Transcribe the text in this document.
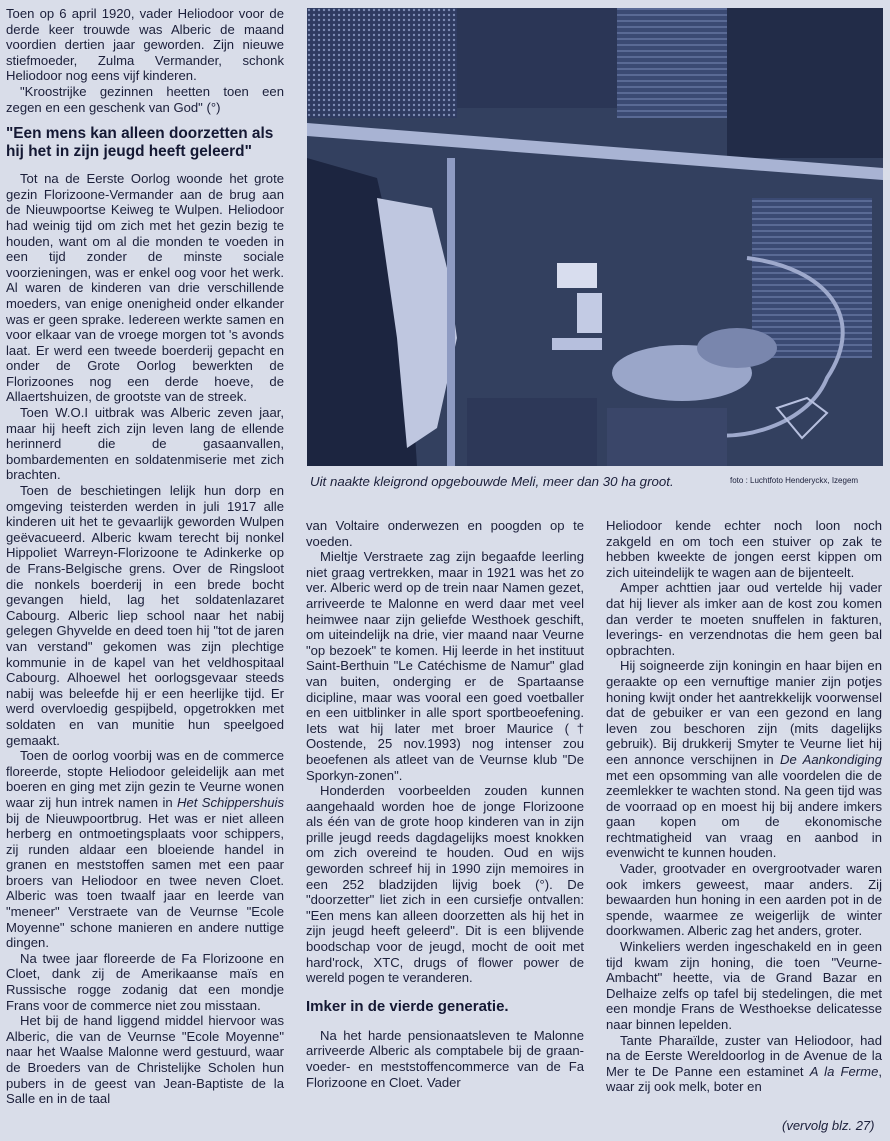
Toen op 6 april 1920, vader Heliodoor voor de derde keer trouwde was Alberic de maand voordien dertien jaar geworden. Zijn nieuwe stiefmoeder, Zulma Vermander, schonk Heliodoor nog eens vijf kinderen.

"Kroostrijke gezinnen heetten toen een zegen en een geschenk van God" (°)

"Een mens kan alleen doorzetten als hij het in zijn jeugd heeft geleerd"

Tot na de Eerste Oorlog woonde het grote gezin Florizoone-Vermander aan de brug aan de Nieuwpoortse Keiweg te Wulpen. Heliodoor had weinig tijd om zich met het gezin bezig te houden, want om al die monden te voeden in een tijd zonder de minste sociale voorzieningen, was er enkel oog voor het werk. Al waren de kinderen van drie verschillende moeders, van enige onenigheid onder elkander was er geen sprake. Iedereen werkte samen en voor elkaar van de vroege morgen tot 's avonds laat. Er werd een tweede boerderij gepacht en onder de Grote Oorlog bewerkten de Florizoones nog een derde hoeve, de Allaertshuizen, de grootste van de streek.

Toen W.O.I uitbrak was Alberic zeven jaar, maar hij heeft zich zijn leven lang de ellende herinnerd die de gasaanvallen, bombardementen en soldatenmiserie met zich brachten.

Toen de beschietingen lelijk hun dorp en omgeving teisterden werden in juli 1917 alle kinderen uit het te gevaarlijk geworden Wulpen geëvacueerd. Alberic kwam terecht bij nonkel Hippoliet Warreyn-Florizoone te Adinkerke op de Frans-Belgische grens. Over de Ringsloot die nonkels boerderij in een brede bocht gevangen hield, lag het soldatenlazaret Cabourg. Alberic liep school naar het nabij gelegen Ghyvelde en deed toen hij "tot de jaren van verstand" gekomen was zijn plechtige kommunie in de kapel van het veldhospitaal Cabourg. Alhoewel het oorlogsgevaar steeds nabij was beleefde hij er een heerlijke tijd. Er werd overvloedig gespijbeld, opgetrokken met soldaten en van munitie hun speelgoed gemaakt.

Toen de oorlog voorbij was en de commerce floreerde, stopte Heliodoor geleidelijk aan met boeren en ging met zijn gezin te Veurne wonen waar zij hun intrek namen in Het Schippershuis bij de Nieuwpoortbrug. Het was er niet alleen herberg en ontmoetingsplaats voor schippers, zij runden aldaar een bloeiende handel in granen en meststoffen samen met een paar broers van Heliodoor en twee neven Cloet. Alberic was toen twaalf jaar en leerde van "meneer" Verstraete van de Veurnse "Ecole Moyenne" schone manieren en andere nuttige dingen.

Na twee jaar floreerde de Fa Florizoone en Cloet, dank zij de Amerikaanse maïs en Russische rogge zodanig dat een mondje Frans voor de commerce niet zou misstaan.

Het bij de hand liggend middel hiervoor was Alberic, die van de Veurnse "Ecole Moyenne" naar het Waalse Malonne werd gestuurd, waar de Broeders van de Christelijke Scholen hun pubers in de geest van Jean-Baptiste de la Salle en in de taal

Uit naakte kleigrond opgebouwde Meli, meer dan 30 ha groot.	foto : Luchtfoto Henderyckx, Izegem

van Voltaire onderwezen en poogden op te voeden.

Mieltje Verstraete zag zijn begaafde leerling niet graag vertrekken, maar in 1921 was het zo ver. Alberic werd op de trein naar Namen gezet, arriveerde te Malonne en werd daar met veel heimwee naar zijn geliefde Westhoek geschift, om uiteindelijk na drie, vier maand naar Veurne "op bezoek" te komen. Hij leerde in het instituut Saint-Berthuin "Le Catéchisme de Namur" glad van buiten, onderging er de Spartaanse dicipline, maar was vooral een goed voetballer en een uitblinker in alle sport sportbeoefening. Iets wat hij later met broer Maurice († Oostende, 25 nov.1993) nog intenser zou beoefenen als atleet van de Veurnse klub "De Sporkyn-zonen".

Honderden voorbeelden zouden kunnen aangehaald worden hoe de jonge Florizoone als één van de grote hoop kinderen van in zijn prille jeugd reeds dagdagelijks moest knokken om zich overeind te houden. Oud en wijs geworden schreef hij in 1990 zijn memoires in een 252 bladzijden lijvig boek (°). De "doorzetter" liet zich in een cursiefje ontvallen: "Een mens kan alleen doorzetten als hij het in zijn jeugd heeft geleerd". Dit is een blijvende boodschap voor de jeugd, mocht de ooit met hard'rock, XTC, drugs of flower power de wereld pogen te veranderen.

Imker in de vierde generatie.

Na het harde pensionaatsleven te Malonne arriveerde Alberic als comptabele bij de graan-voeder- en meststoffencommerce van de Fa Florizoone en Cloet. Vader

Heliodoor kende echter noch loon noch zakgeld en om toch een stuiver op zak te hebben kweekte de jongen eerst kippen om zich uiteindelijk te wagen aan de bijenteelt.

Amper achttien jaar oud vertelde hij vader dat hij liever als imker aan de kost zou komen dan verder te moeten snuffelen in fakturen, leverings- en verzendnotas die hem geen bal opbrachten.

Hij soigneerde zijn koningin en haar bijen en geraakte op een vernuftige manier zijn potjes honing kwijt onder het aantrekkelijk voorwensel dat de gebuiker er van een gezond en lang leven zou beschoren zijn (mits dagelijks gebruik). Bij drukkerij Smyter te Veurne liet hij een annonce verschijnen in De Aankondiging met een opsomming van alle voordelen die de zeemlekker te wachten stond. Na geen tijd was de voorraad op en moest hij bij andere imkers gaan kopen om de ekonomische rechtmatigheid van vraag en aanbod in evenwicht te kunnen houden.

Vader, grootvader en overgrootvader waren ook imkers geweest, maar anders. Zij bewaarden hun honing in een aarden pot in de spende, waarmee ze weigerlijk de winter doorkwamen. Alberic zag het anders, groter.

Winkeliers werden ingeschakeld en in geen tijd kwam zijn honing, die toen "Veurne-Ambacht" heette, via de Grand Bazar en Delhaize zelfs op tafel bij stedelingen, die met een mondje Frans de Westhoekse delicatesse naar binnen lepelden.

Tante Pharaïlde, zuster van Heliodoor, had na de Eerste Wereldoorlog in de Avenue de la Mer te De Panne een estaminet A la Ferme, waar zij ook melk, boter en

(vervolg blz. 27)
